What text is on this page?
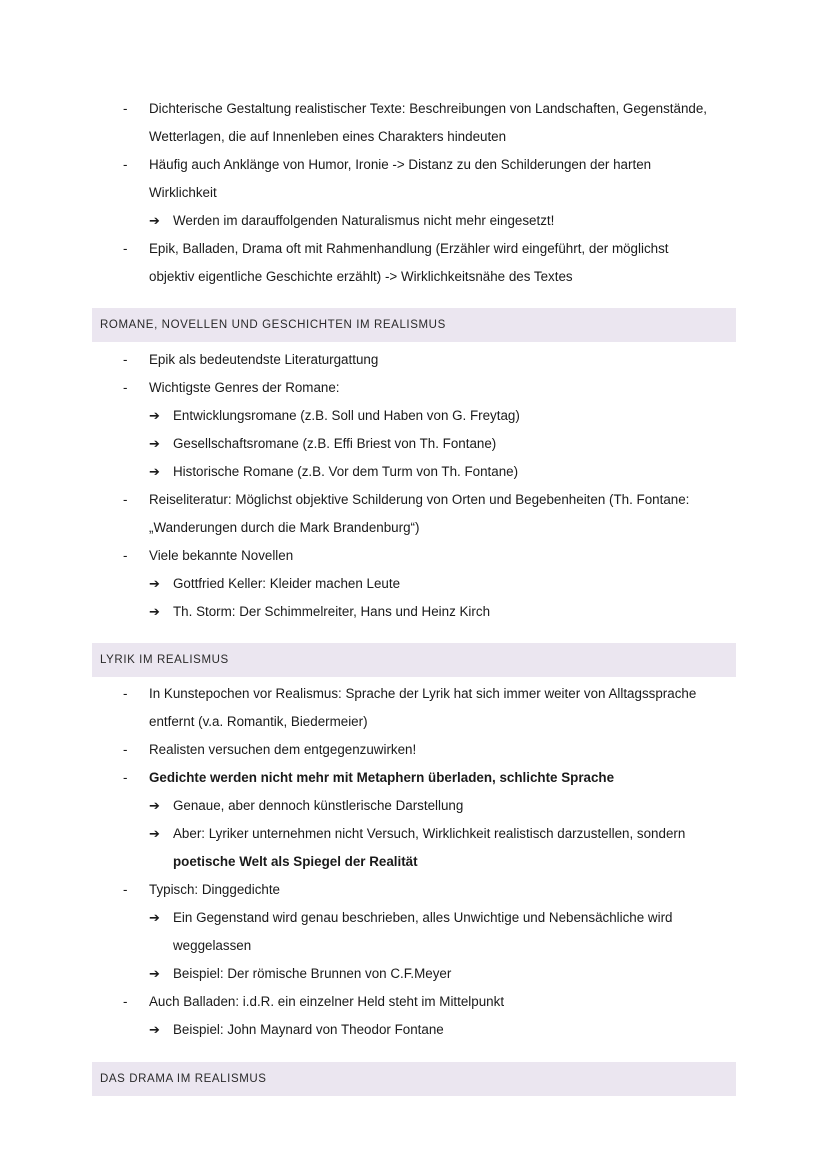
- Dichterische Gestaltung realistischer Texte: Beschreibungen von Landschaften, Gegenstände,
Wetterlagen, die auf Innenleben eines Charakters hindeuten
- Häufig auch Anklänge von Humor, Ironie -> Distanz zu den Schilderungen der harten
Wirklichkeit
➔ Werden im darauffolgenden Naturalismus nicht mehr eingesetzt!
- Epik, Balladen, Drama oft mit Rahmenhandlung (Erzähler wird eingeführt, der möglichst
objektiv eigentliche Geschichte erzählt) -> Wirklichkeitsnähe des Textes
ROMANE, NOVELLEN UND GESCHICHTEN IM REALISMUS
- Epik als bedeutendste Literaturgattung
- Wichtigste Genres der Romane:
➔ Entwicklungsromane (z.B. Soll und Haben von G. Freytag)
➔ Gesellschaftsromane (z.B. Effi Briest von Th. Fontane)
➔ Historische Romane (z.B. Vor dem Turm von Th. Fontane)
- Reiseliteratur: Möglichst objektive Schilderung von Orten und Begebenheiten (Th. Fontane:
„Wanderungen durch die Mark Brandenburg“)
- Viele bekannte Novellen
➔ Gottfried Keller: Kleider machen Leute
➔ Th. Storm: Der Schimmelreiter, Hans und Heinz Kirch
LYRIK IM REALISMUS
- In Kunstepochen vor Realismus: Sprache der Lyrik hat sich immer weiter von Alltagssprache
entfernt (v.a. Romantik, Biedermeier)
- Realisten versuchen dem entgegenzuwirken!
- Gedichte werden nicht mehr mit Metaphern überladen, schlichte Sprache
➔ Genaue, aber dennoch künstlerische Darstellung
➔ Aber: Lyriker unternehmen nicht Versuch, Wirklichkeit realistisch darzustellen, sondern
poetische Welt als Spiegel der Realität
- Typisch: Dinggedichte
➔ Ein Gegenstand wird genau beschrieben, alles Unwichtige und Nebensächliche wird
weggelassen
➔ Beispiel: Der römische Brunnen von C.F.Meyer
- Auch Balladen: i.d.R. ein einzelner Held steht im Mittelpunkt
➔ Beispiel: John Maynard von Theodor Fontane
DAS DRAMA IM REALISMUS
